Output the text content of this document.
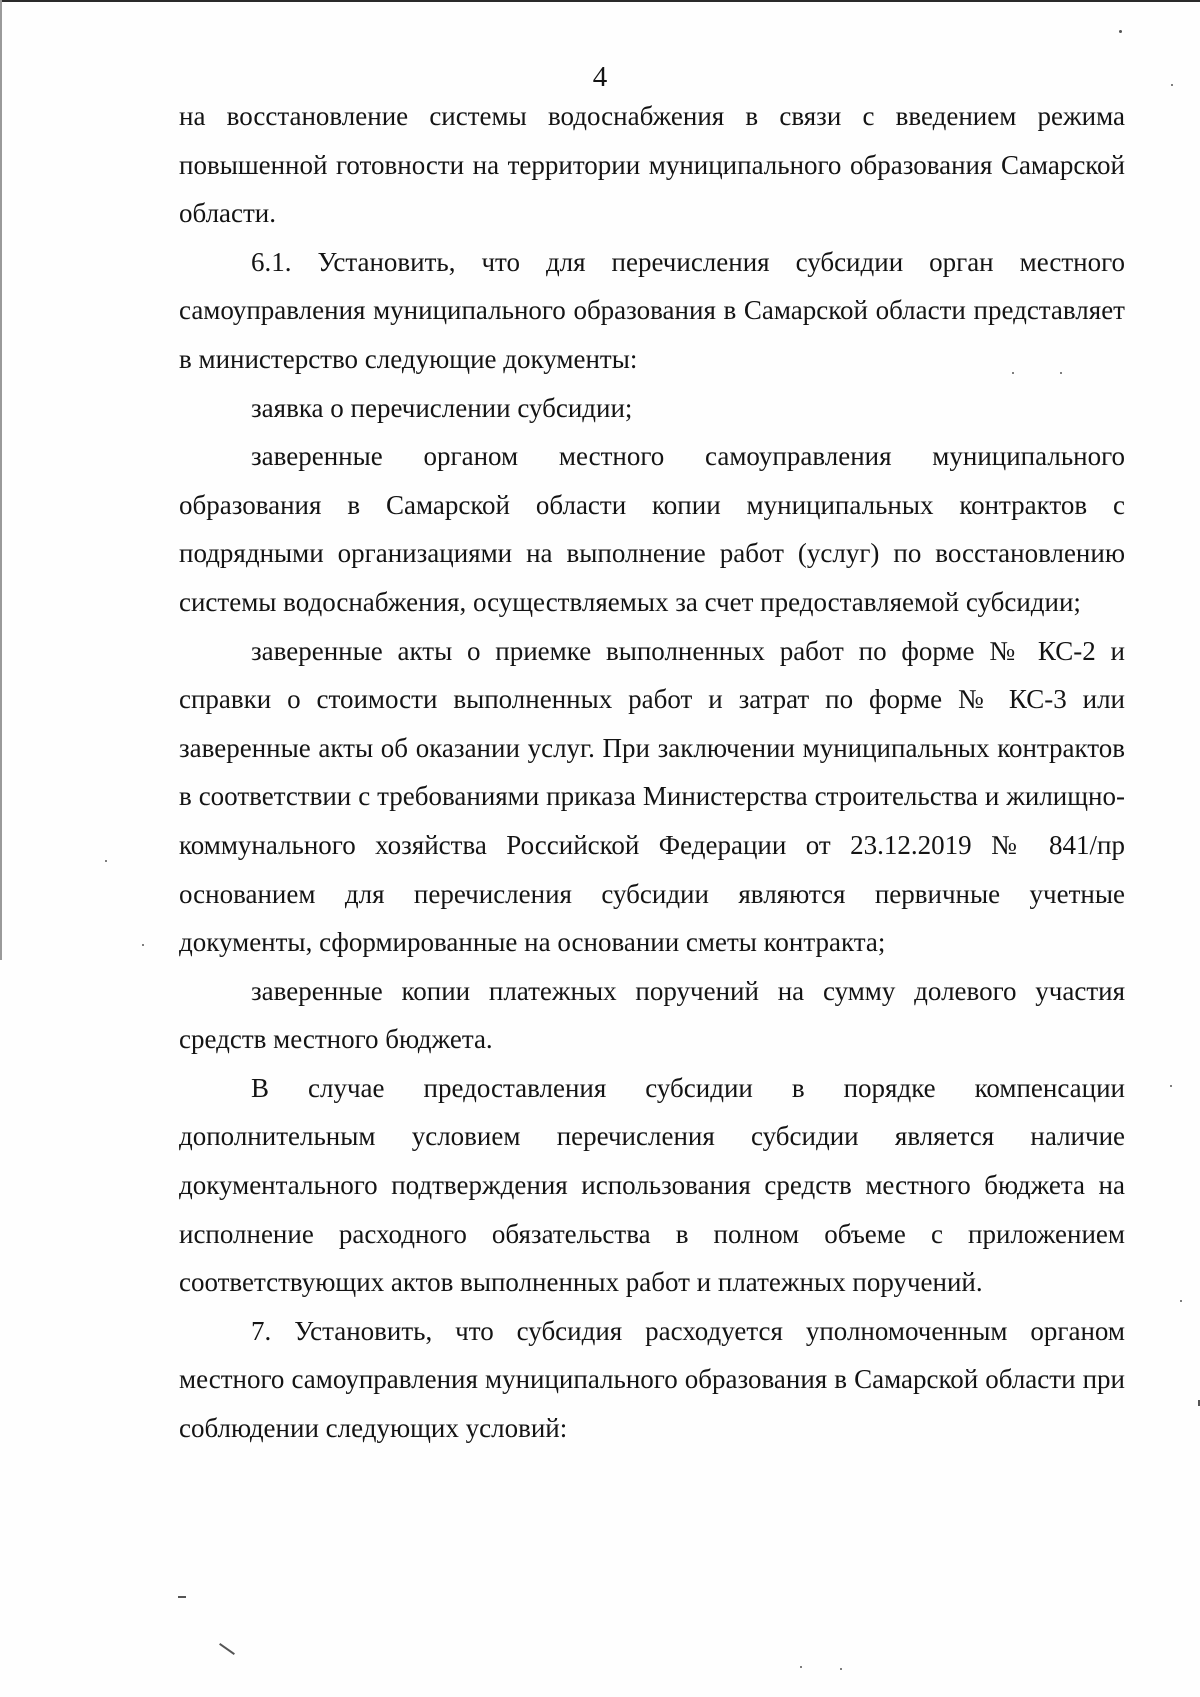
4

на восстановление системы водоснабжения в связи с введением режима повышенной готовности на территории муниципального образования Самарской области.

6.1. Установить, что для перечисления субсидии орган местного самоуправления муниципального образования в Самарской области представляет в министерство следующие документы:

заявка о перечислении субсидии;

заверенные органом местного самоуправления муниципального образования в Самарской области копии муниципальных контрактов с подрядными организациями на выполнение работ (услуг) по восстановлению системы водоснабжения, осуществляемых за счет предоставляемой субсидии;

заверенные акты о приемке выполненных работ по форме № КС-2 и справки о стоимости выполненных работ и затрат по форме № КС-3 или заверенные акты об оказании услуг. При заключении муниципальных контрактов в соответствии с требованиями приказа Министерства строительства и жилищно-коммунального хозяйства Российской Федерации от 23.12.2019 № 841/пр основанием для перечисления субсидии являются первичные учетные документы, сформированные на основании сметы контракта;

заверенные копии платежных поручений на сумму долевого участия средств местного бюджета.

В случае предоставления субсидии в порядке компенсации дополнительным условием перечисления субсидии является наличие документального подтверждения использования средств местного бюджета на исполнение расходного обязательства в полном объеме с приложением соответствующих актов выполненных работ и платежных поручений.

7. Установить, что субсидия расходуется уполномоченным органом местного самоуправления муниципального образования в Самарской области при соблюдении следующих условий:
